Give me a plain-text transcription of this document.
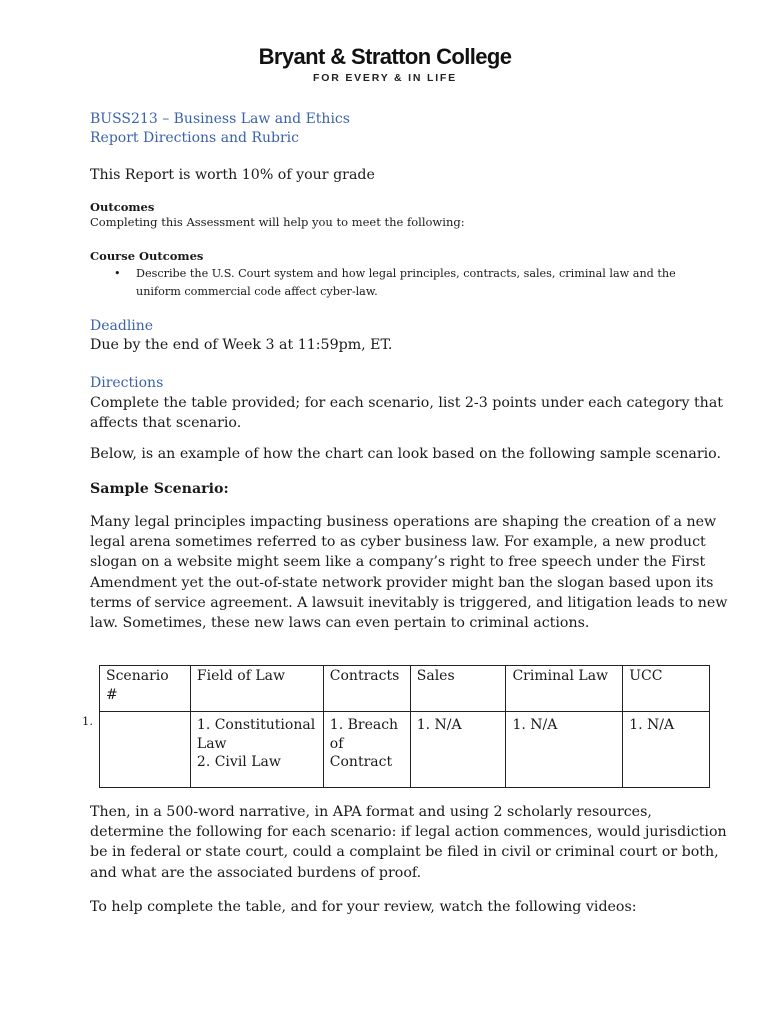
Bryant & Stratton College
FOR EVERY & IN LIFE
BUSS213 – Business Law and Ethics
Report Directions and Rubric
This Report is worth 10% of your grade
Outcomes
Completing this Assessment will help you to meet the following:
Course Outcomes
• Describe the U.S. Court system and how legal principles, contracts, sales, criminal law and the
uniform commercial code affect cyber-law.
Deadline
Due by the end of Week 3 at 11:59pm, ET.
Directions
Complete the table provided; for each scenario, list 2-3 points under each category that
affects that scenario.
Below, is an example of how the chart can look based on the following sample scenario.
Sample Scenario:
Many legal principles impacting business operations are shaping the creation of a new
legal arena sometimes referred to as cyber business law. For example, a new product
slogan on a website might seem like a company’s right to free speech under the First
Amendment yet the out-of-state network provider might ban the slogan based upon its
terms of service agreement. A lawsuit inevitably is triggered, and litigation leads to new
law. Sometimes, these new laws can even pertain to criminal actions.
1.
Scenario #	Field of Law	Contracts	Sales	Criminal Law	UCC
	1. Constitutional
Law
2. Civil Law	1. Breach
of
Contract	1. N/A	1. N/A	1. N/A
Then, in a 500-word narrative, in APA format and using 2 scholarly resources,
determine the following for each scenario: if legal action commences, would jurisdiction
be in federal or state court, could a complaint be filed in civil or criminal court or both,
and what are the associated burdens of proof.
To help complete the table, and for your review, watch the following videos:
